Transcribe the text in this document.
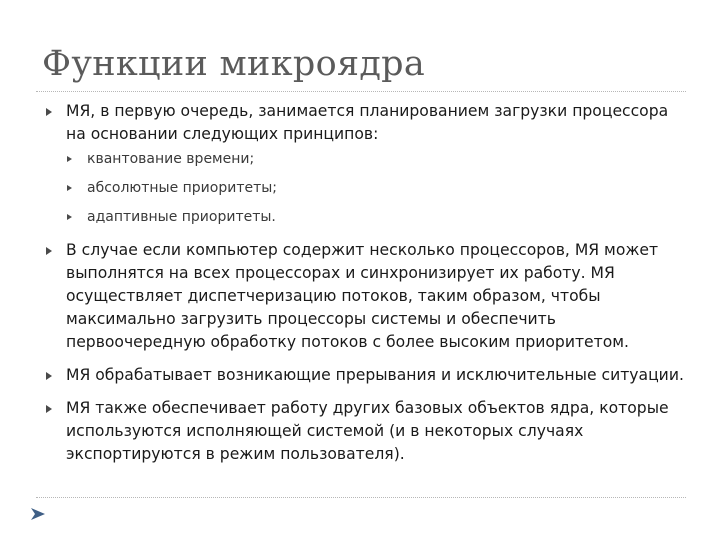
Функции микроядра
МЯ, в первую очередь, занимается планированием загрузки процессора на основании следующих принципов:
квантование времени;
абсолютные приоритеты;
адаптивные приоритеты.
В случае если компьютер содержит несколько процессоров, МЯ может выполнятся на всех процессорах и синхронизирует их работу. МЯ осуществляет диспетчеризацию потоков, таким образом, чтобы максимально загрузить процессоры системы и обеспечить первоочередную обработку потоков с более высоким приоритетом.
МЯ обрабатывает возникающие прерывания и исключительные ситуации.
МЯ также обеспечивает работу других базовых объектов ядра, которые используются исполняющей системой (и в некоторых случаях экспортируются в режим пользователя).
